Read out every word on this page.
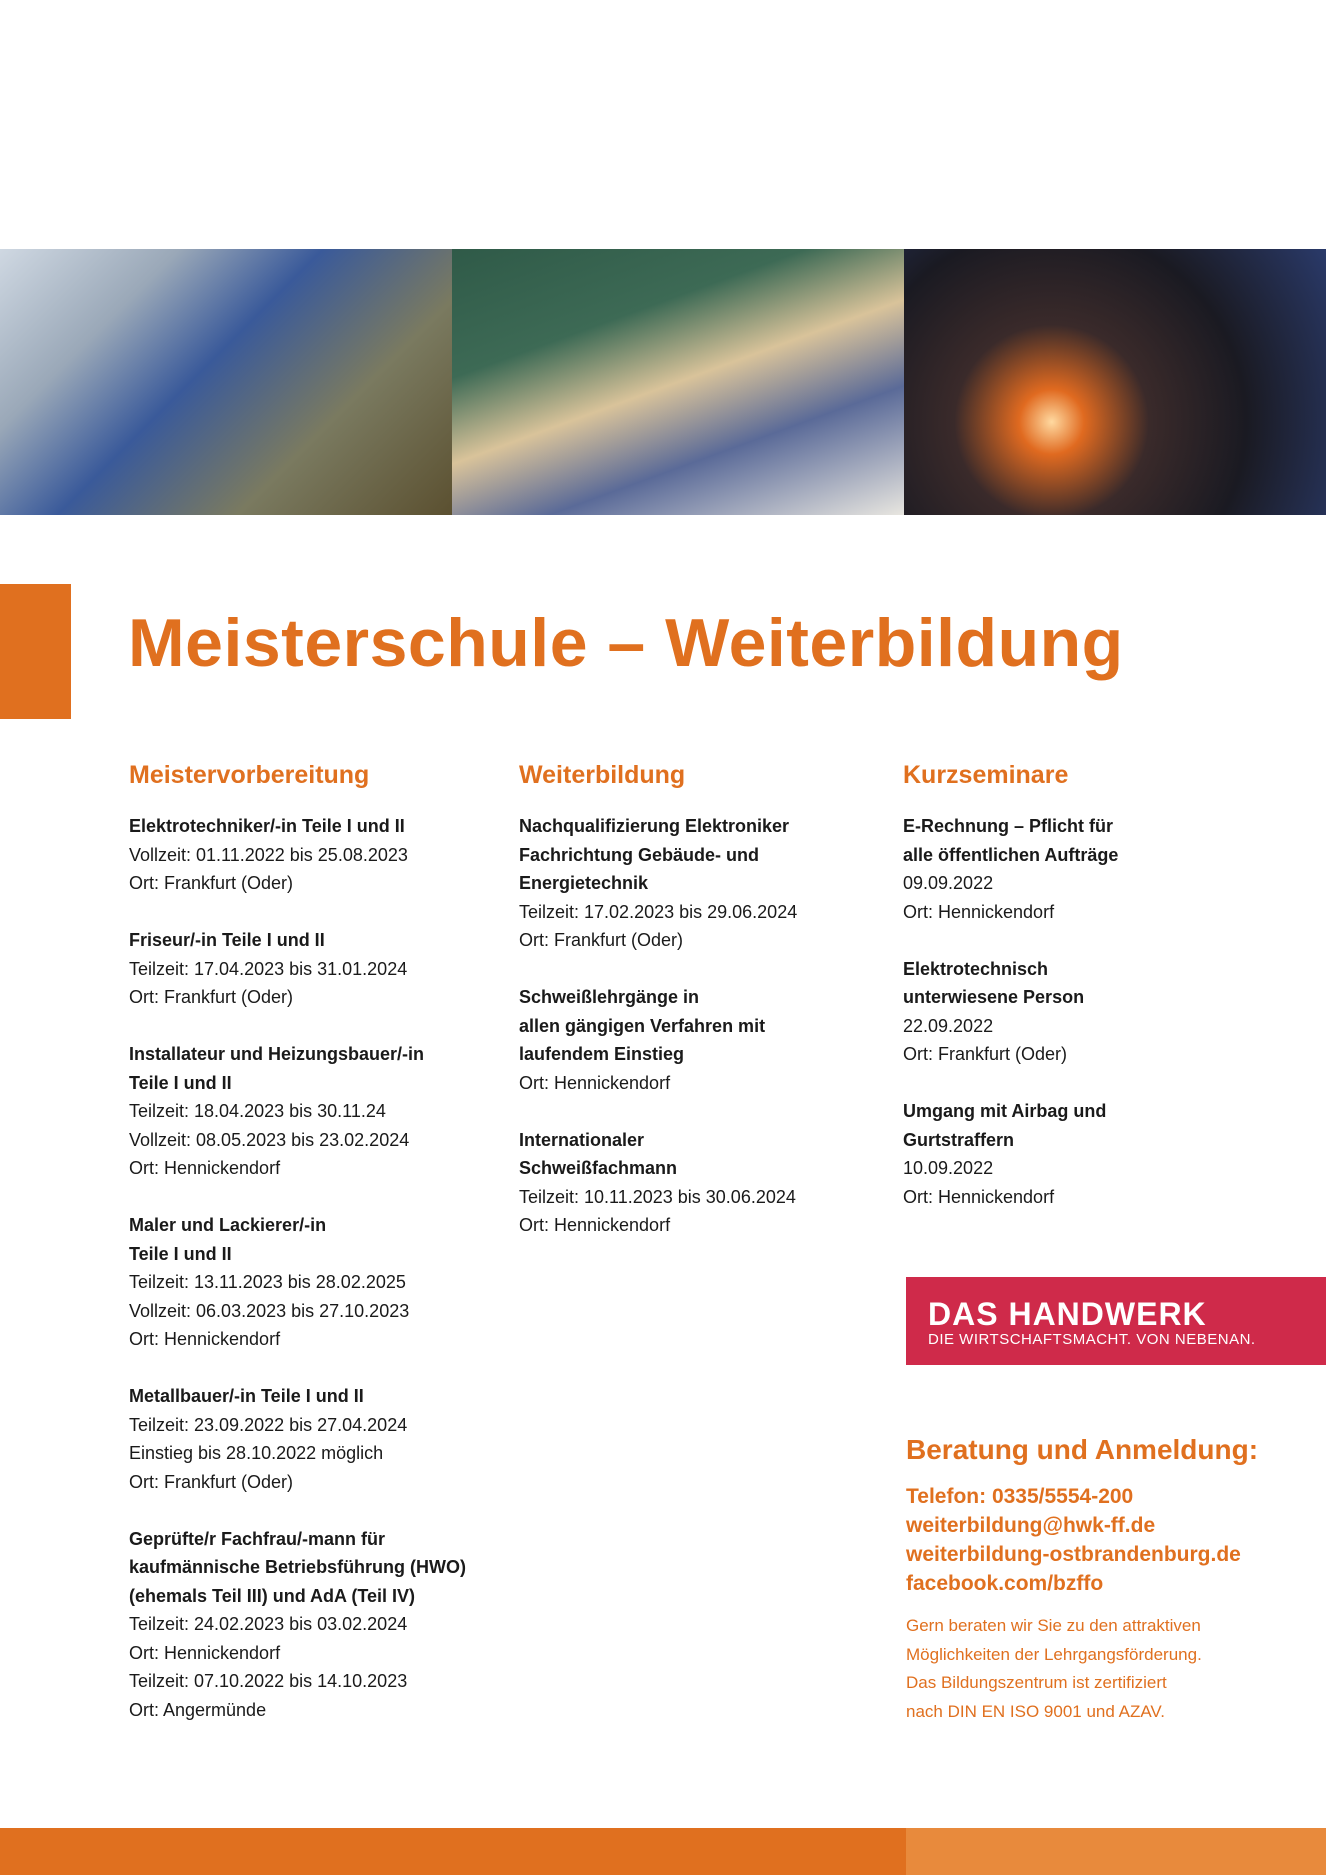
Meisterschule – Weiterbildung
Meistervorbereitung
Elektrotechniker/-in Teile I und II
Vollzeit: 01.11.2022 bis 25.08.2023
Ort: Frankfurt (Oder)
Friseur/-in Teile I und II
Teilzeit: 17.04.2023 bis 31.01.2024
Ort: Frankfurt (Oder)
Installateur und Heizungsbauer/-in
Teile I und II
Teilzeit: 18.04.2023 bis 30.11.24
Vollzeit: 08.05.2023 bis 23.02.2024
Ort: Hennickendorf
Maler und Lackierer/-in
Teile I und II
Teilzeit: 13.11.2023 bis 28.02.2025
Vollzeit: 06.03.2023 bis 27.10.2023
Ort: Hennickendorf
Metallbauer/-in Teile I und II
Teilzeit: 23.09.2022 bis 27.04.2024
Einstieg bis 28.10.2022 möglich
Ort: Frankfurt (Oder)
Geprüfte/r Fachfrau/-mann für
kaufmännische Betriebsführung (HWO)
(ehemals Teil III) und AdA (Teil IV)
Teilzeit: 24.02.2023 bis 03.02.2024
Ort: Hennickendorf
Teilzeit: 07.10.2022 bis 14.10.2023
Ort: Angermünde
Weiterbildung
Nachqualifizierung Elektroniker
Fachrichtung Gebäude- und
Energietechnik
Teilzeit: 17.02.2023 bis 29.06.2024
Ort: Frankfurt (Oder)
Schweißlehrgänge in
allen gängigen Verfahren mit
laufendem Einstieg
Ort: Hennickendorf
Internationaler
Schweißfachmann
Teilzeit: 10.11.2023 bis 30.06.2024
Ort: Hennickendorf
Kurzseminare
E-Rechnung – Pflicht für
alle öffentlichen Aufträge
09.09.2022
Ort: Hennickendorf
Elektrotechnisch
unterwiesene Person
22.09.2022
Ort: Frankfurt (Oder)
Umgang mit Airbag und
Gurtstraffern
10.09.2022
Ort: Hennickendorf
DAS HANDWERK
DIE WIRTSCHAFTSMACHT. VON NEBENAN.
Beratung und Anmeldung:
Telefon: 0335/5554-200
weiterbildung@hwk-ff.de
weiterbildung-ostbrandenburg.de
facebook.com/bzffo

Gern beraten wir Sie zu den attraktiven
Möglichkeiten der Lehrgangsförderung.
Das Bildungszentrum ist zertifiziert
nach DIN EN ISO 9001 und AZAV.
